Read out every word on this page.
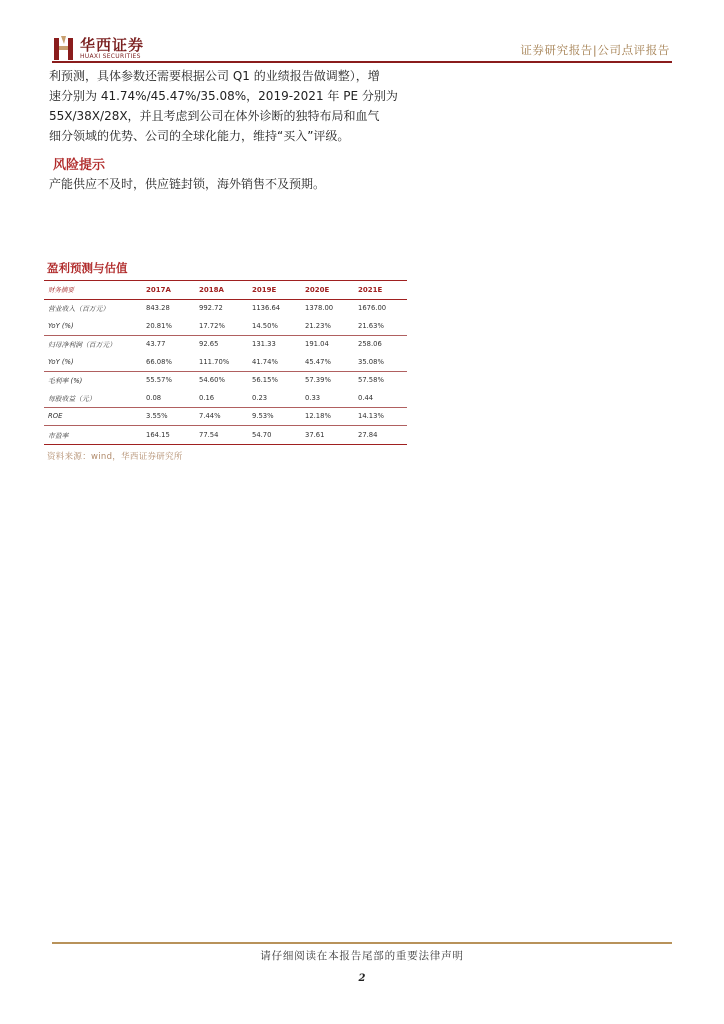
华西证券
HUAXI SECURITIES	证券研究报告|公司点评报告
利预测，具体参数还需要根据公司 Q1 的业绩报告做调整），增
速分别为 41.74%/45.47%/35.08%，2019-2021 年 PE 分别为
55X/38X/28X，并且考虑到公司在体外诊断的独特布局和血气
细分领域的优势、公司的全球化能力，维持“买入”评级。
风险提示
产能供应不及时，供应链封锁，海外销售不及预期。
盈利预测与估值
财务摘要	2017A	2018A	2019E	2020E	2021E
营业收入（百万元）	843.28	992.72	1136.64	1378.00	1676.00
YoY (%)	20.81%	17.72%	14.50%	21.23%	21.63%
归母净利润（百万元）	43.77	92.65	131.33	191.04	258.06
YoY (%)	66.08%	111.70%	41.74%	45.47%	35.08%
毛利率 (%)	55.57%	54.60%	56.15%	57.39%	57.58%
每股收益（元）	0.08	0.16	0.23	0.33	0.44
ROE	3.55%	7.44%	9.53%	12.18%	14.13%
市盈率	164.15	77.54	54.70	37.61	27.84
资料来源：wind，华西证券研究所
请仔细阅读在本报告尾部的重要法律声明
2
